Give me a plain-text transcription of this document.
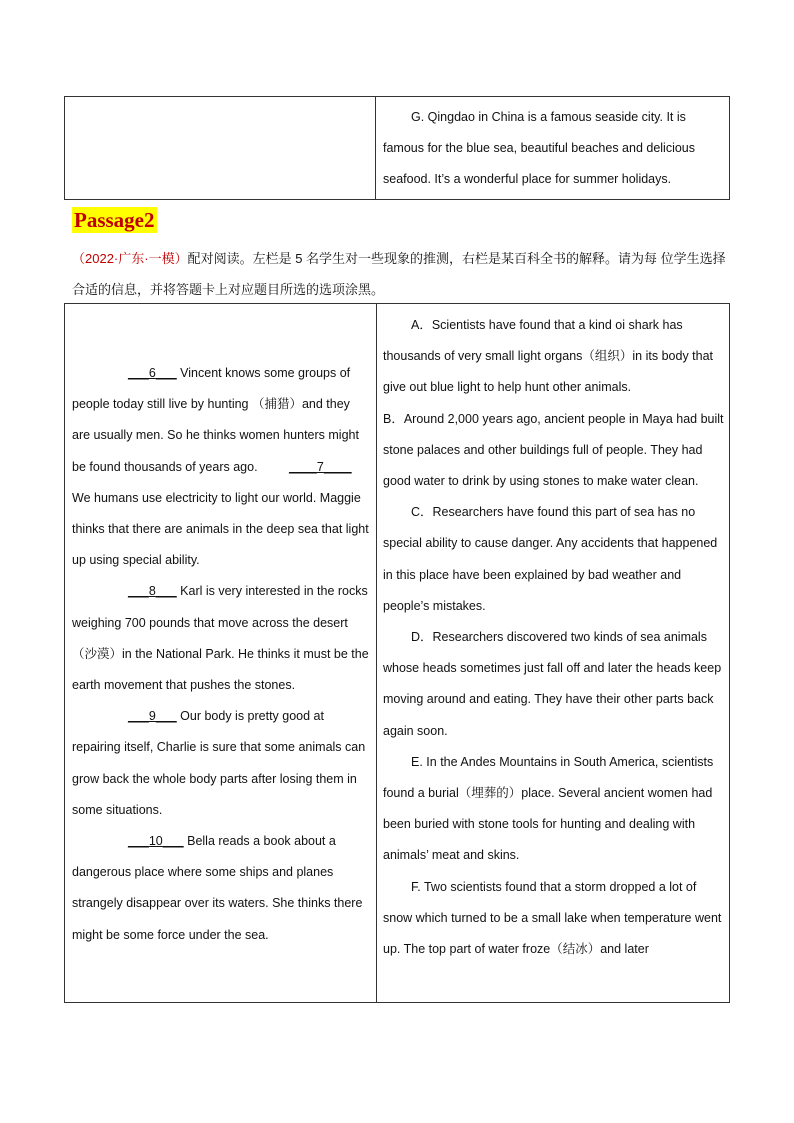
G. Qingdao in China is a famous seaside city. It is famous for the blue sea, beautiful beaches and delicious seafood. It’s a wonderful place for summer holidays.

Passage2
（2022·广东·一模）配对阅读。左栏是 5 名学生对一些现象的推测，右栏是某百科全书的解释。请为每 位学生选择合适的信息，并将答题卡上对应题目所选的选项涂黑。

___6___ Vincent knows some groups of people today still live by hunting （捕猎）and they are usually men. So he thinks women hunters might be found thousands of years ago.	____7____ We humans use electricity to light our world. Maggie thinks that there are animals in the deep sea that light up using special ability.

___8___ Karl is very interested in the rocks weighing 700 pounds that move across the desert（沙漠）in the National Park. He thinks it must be the earth movement that pushes the stones.

___9___ Our body is pretty good at repairing itself, Charlie is sure that some animals can grow back the whole body parts after losing them in some situations.

___10___ Bella reads a book about a dangerous place where some ships and planes strangely disappear over its waters. She thinks there might be some force under the sea.

A．Scientists have found that a kind oi shark has thousands of very small light organs（组织）in its body that give out blue light to help hunt other animals.

B．Around 2,000 years ago, ancient people in Maya had built stone palaces and other buildings full of people. They had good water to drink by using stones to make water clean.

C．Researchers have found this part of sea has no special ability to cause danger. Any accidents that happened in this place have been explained by bad weather and people’s mistakes.

D．Researchers discovered two kinds of sea animals whose heads sometimes just fall off and later the heads keep moving around and eating. They have their other parts back again soon.

E. In the Andes Mountains in South America, scientists found a burial（埋葬的）place. Several ancient women had been buried with stone tools for hunting and dealing with animals’ meat and skins.

F. Two scientists found that a storm dropped a lot of snow which turned to be a small lake when temperature went up. The top part of water froze（结冰）and later
